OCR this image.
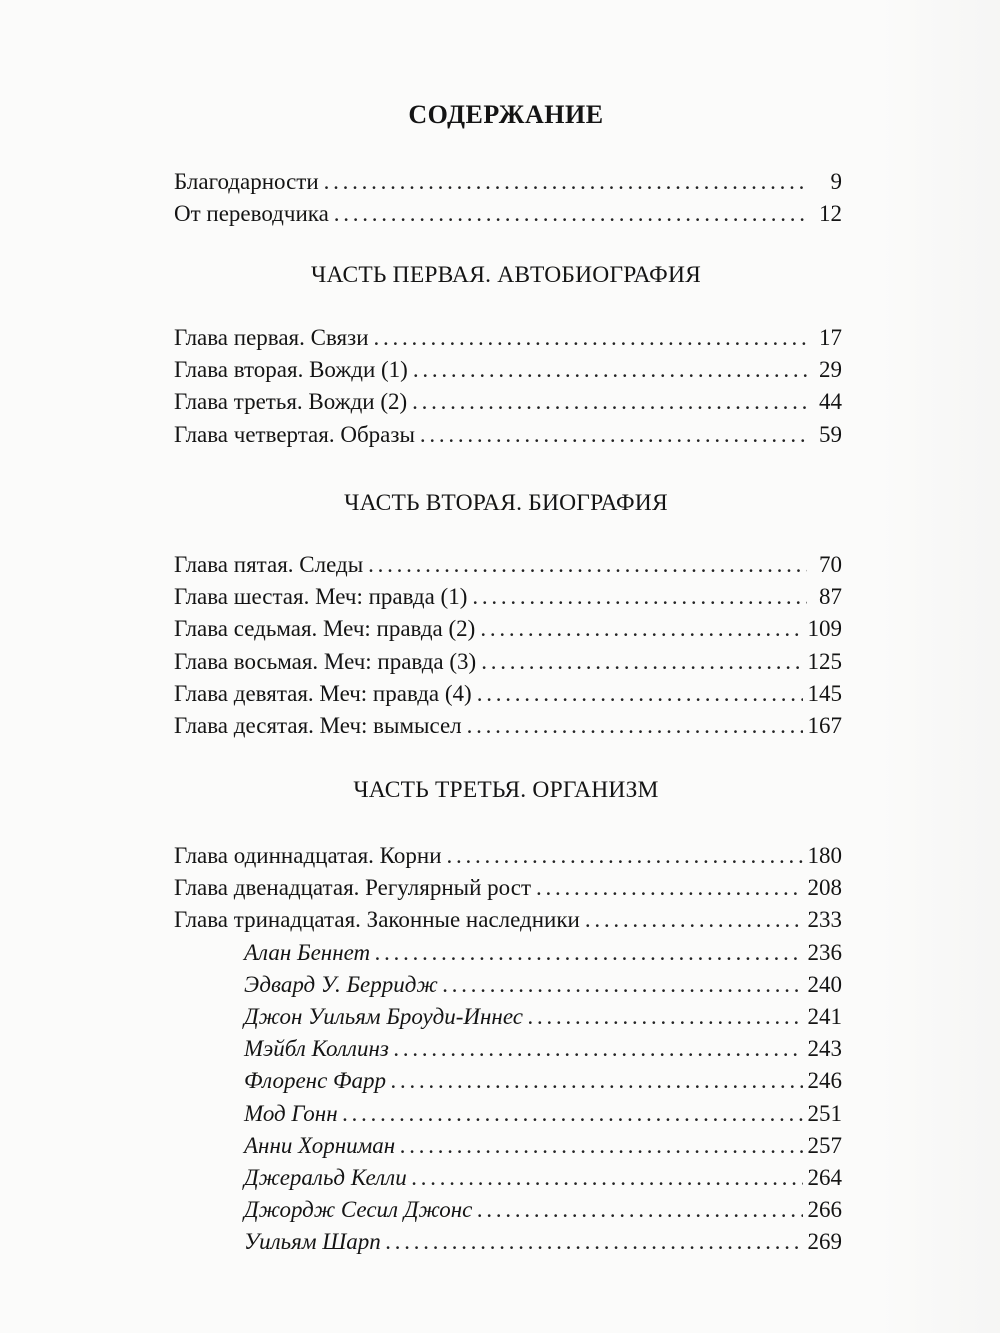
СОДЕРЖАНИЕ
Благодарности . . .	9
От переводчика . . .	12
ЧАСТЬ ПЕРВАЯ. АВТОБИОГРАФИЯ
Глава первая. Связи . . .	17
Глава вторая. Вожди (1) . . .	29
Глава третья. Вожди (2) . . .	44
Глава четвертая. Образы . . .	59
ЧАСТЬ ВТОРАЯ. БИОГРАФИЯ
Глава пятая. Следы . . .	70
Глава шестая. Меч: правда (1) . . .	87
Глава седьмая. Меч: правда (2) . . .	109
Глава восьмая. Меч: правда (3) . . .	125
Глава девятая. Меч: правда (4) . . .	145
Глава десятая. Меч: вымысел . . .	167
ЧАСТЬ ТРЕТЬЯ. ОРГАНИЗМ
Глава одиннадцатая. Корни . . .	180
Глава двенадцатая. Регулярный рост . . .	208
Глава тринадцатая. Законные наследники . . .	233
Алан Беннет . . .	236
Эдвард У. Берридж . . .	240
Джон Уильям Броуди-Иннес . . .	241
Мэйбл Коллинз . . .	243
Флоренс Фарр . . .	246
Мод Гонн . . .	251
Анни Хорниман . . .	257
Джеральд Келли . . .	264
Джордж Сесил Джонс . . .	266
Уильям Шарп . . .	269
